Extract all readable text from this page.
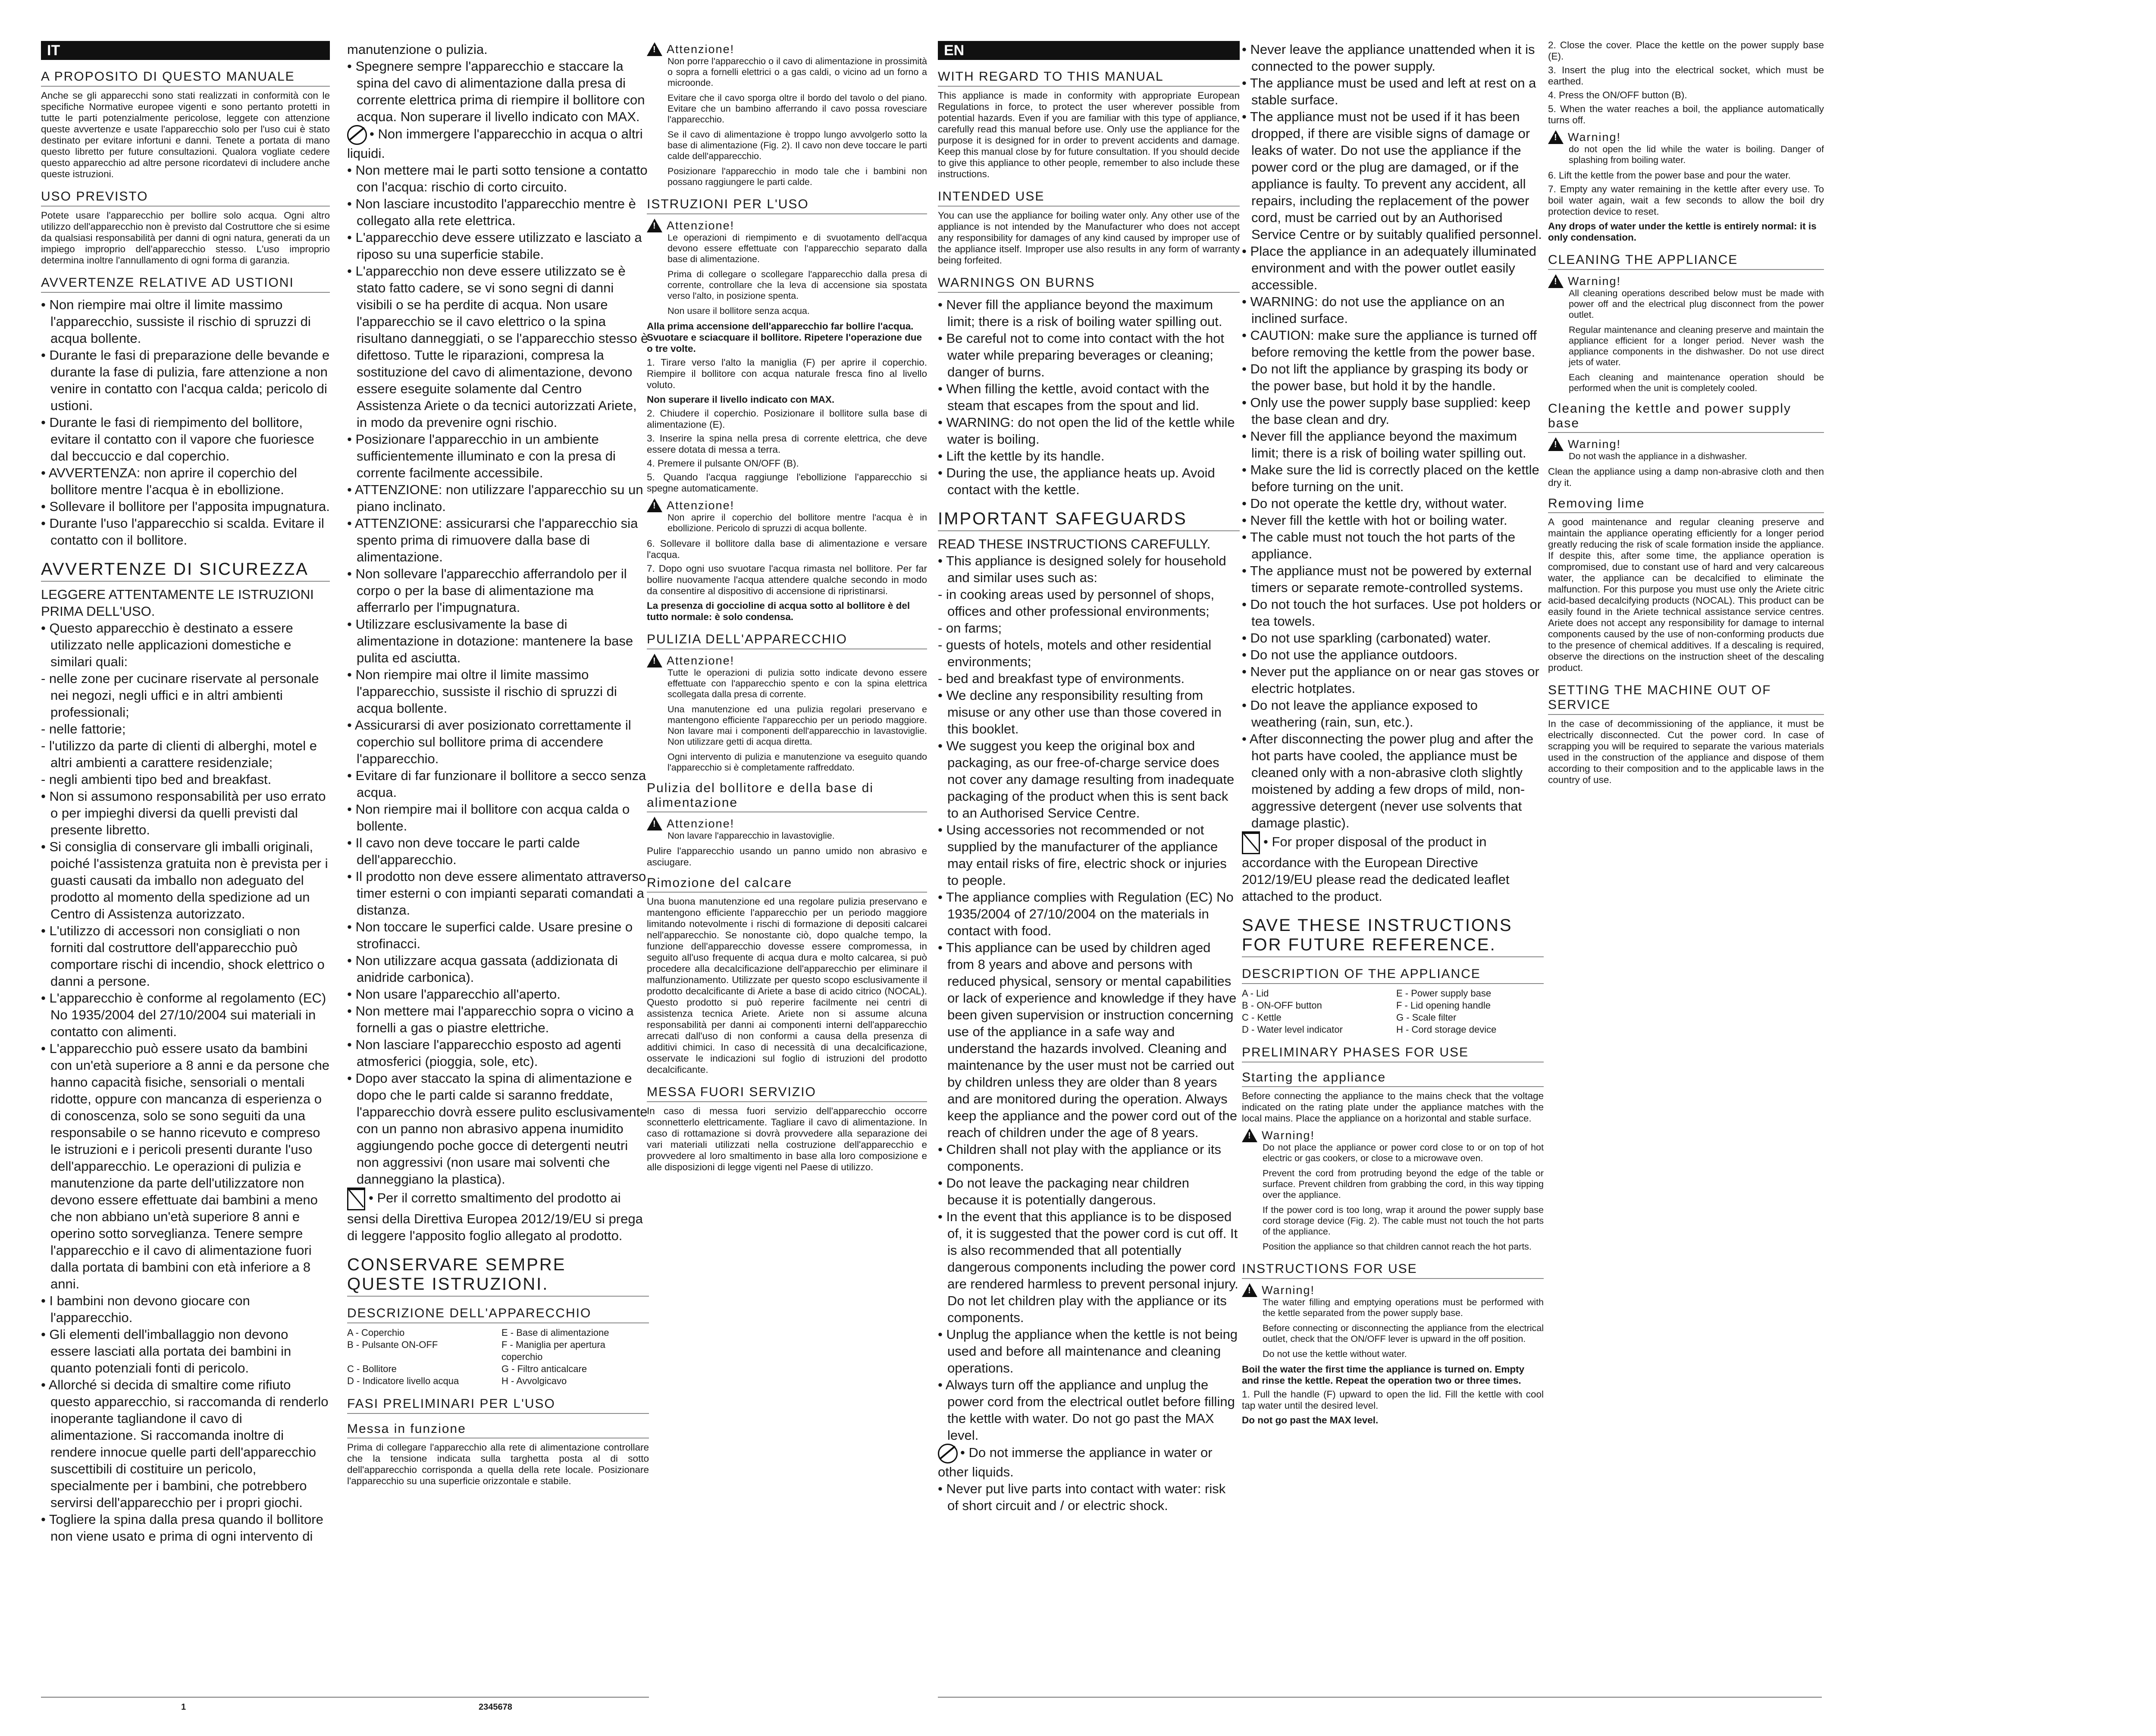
IT
A PROPOSITO DI QUESTO MANUALE
Anche se gli apparecchi sono stati realizzati in conformità con le specifiche Normative europee vigenti e sono pertanto protetti in tutte le parti potenzialmente pericolose, leggete con attenzione queste avvertenze e usate l'apparecchio solo per l'uso cui è stato destinato per evitare infortuni e danni. Tenete a portata di mano questo libretto per future consultazioni. Qualora vogliate cedere questo apparecchio ad altre persone ricordatevi di includere anche queste istruzioni.
USO PREVISTO
Potete usare l'apparecchio per bollire solo acqua. Ogni altro utilizzo dell'apparecchio non è previsto dal Costruttore che si esime da qualsiasi responsabilità per danni di ogni natura, generati da un impiego improprio dell'apparecchio stesso. L'uso improprio determina inoltre l'annullamento di ogni forma di garanzia.
AVVERTENZE RELATIVE AD USTIONI

• Non riempire mai oltre il limite massimo l'apparecchio, sussiste il rischio di spruzzi di acqua bollente.

• Durante le fasi di preparazione delle bevande e durante la fase di pulizia, fare attenzione a non venire in contatto con l'acqua calda; pericolo di ustioni.

• Durante le fasi di riempimento del bollitore, evitare il contatto con il vapore che fuoriesce dal beccuccio e dal coperchio.

• AVVERTENZA: non aprire il coperchio del bollitore mentre l'acqua è in ebollizione.

• Sollevare il bollitore per l'apposita impugnatura.

• Durante l'uso l'apparecchio si scalda. Evitare il contatto con il bollitore.

AVVERTENZE DI SICUREZZA

LEGGERE ATTENTAMENTE LE ISTRUZIONI PRIMA DELL'USO.

• Questo apparecchio è destinato a essere utilizzato nelle applicazioni domestiche e similari quali:

- nelle zone per cucinare riservate al personale nei negozi, negli uffici e in altri ambienti professionali;

- nelle fattorie;

- l'utilizzo da parte di clienti di alberghi, motel e altri ambienti a carattere residenziale;

- negli ambienti tipo bed and breakfast.

• Non si assumono responsabilità per uso errato o per impieghi diversi da quelli previsti dal presente libretto.

• Si consiglia di conservare gli imballi originali, poiché l'assistenza gratuita non è prevista per i guasti causati da imballo non adeguato del prodotto al momento della spedizione ad un Centro di Assistenza autorizzato.

• L'utilizzo di accessori non consigliati o non forniti dal costruttore dell'apparecchio può comportare rischi di incendio, shock elettrico o danni a persone.

• L'apparecchio è conforme al regolamento (EC) No 1935/2004 del 27/10/2004 sui materiali in contatto con alimenti.

• L'apparecchio può essere usato da bambini con un'età superiore a 8 anni e da persone che hanno capacità fisiche, sensoriali o mentali ridotte, oppure con mancanza di esperienza o di conoscenza, solo se sono seguiti da una responsabile o se hanno ricevuto e compreso le istruzioni e i pericoli presenti durante l'uso dell'apparecchio. Le operazioni di pulizia e manutenzione da parte dell'utilizzatore non devono essere effettuate dai bambini a meno che non abbiano un'età superiore 8 anni e operino sotto sorveglianza. Tenere sempre l'apparecchio e il cavo di alimentazione fuori dalla portata di bambini con età inferiore a 8 anni.

• I bambini non devono giocare con l'apparecchio.

• Gli elementi dell'imballaggio non devono essere lasciati alla portata dei bambini in quanto potenziali fonti di pericolo.

• Allorché si decida di smaltire come rifiuto questo apparecchio, si raccomanda di renderlo inoperante tagliandone il cavo di alimentazione. Si raccomanda inoltre di rendere innocue quelle parti dell'apparecchio suscettibili di costituire un pericolo, specialmente per i bambini, che potrebbero servirsi dell'apparecchio per i propri giochi.

• Togliere la spina dalla presa quando il bollitore non viene usato e prima di ogni intervento di

manutenzione o pulizia.

• Spegnere sempre l'apparecchio e staccare la spina del cavo di alimentazione dalla presa di corrente elettrica prima di riempire il bollitore con acqua. Non superare il livello indicato con MAX.

• Non immergere l'apparecchio in acqua o altri liquidi.

• Non mettere mai le parti sotto tensione a contatto con l'acqua: rischio di corto circuito.

• Non lasciare incustodito l'apparecchio mentre è collegato alla rete elettrica.

• L'apparecchio deve essere utilizzato e lasciato a riposo su una superficie stabile.

• L'apparecchio non deve essere utilizzato se è stato fatto cadere, se vi sono segni di danni visibili o se ha perdite di acqua. Non usare l'apparecchio se il cavo elettrico o la spina risultano danneggiati, o se l'apparecchio stesso è difettoso. Tutte le riparazioni, compresa la sostituzione del cavo di alimentazione, devono essere eseguite solamente dal Centro Assistenza Ariete o da tecnici autorizzati Ariete, in modo da prevenire ogni rischio.

• Posizionare l'apparecchio in un ambiente sufficientemente illuminato e con la presa di corrente facilmente accessibile.

• ATTENZIONE: non utilizzare l'apparecchio su un piano inclinato.

• ATTENZIONE: assicurarsi che l'apparecchio sia spento prima di rimuovere dalla base di alimentazione.

• Non sollevare l'apparecchio afferrandolo per il corpo o per la base di alimentazione ma afferrarlo per l'impugnatura.

• Utilizzare esclusivamente la base di alimentazione in dotazione: mantenere la base pulita ed asciutta.

• Non riempire mai oltre il limite massimo l'apparecchio, sussiste il rischio di spruzzi di acqua bollente.

• Assicurarsi di aver posizionato correttamente il coperchio sul bollitore prima di accendere l'apparecchio.

• Evitare di far funzionare il bollitore a secco senza acqua.

• Non riempire mai il bollitore con acqua calda o bollente.

• Il cavo non deve toccare le parti calde dell'apparecchio.

• Il prodotto non deve essere alimentato attraverso timer esterni o con impianti separati comandati a distanza.

• Non toccare le superfici calde. Usare presine o strofinacci.

• Non utilizzare acqua gassata (addizionata di anidride carbonica).

• Non usare l'apparecchio all'aperto.

• Non mettere mai l'apparecchio sopra o vicino a fornelli a gas o piastre elettriche.

• Non lasciare l'apparecchio esposto ad agenti atmosferici (pioggia, sole, etc).

• Dopo aver staccato la spina di alimentazione e dopo che le parti calde si saranno freddate, l'apparecchio dovrà essere pulito esclusivamente con un panno non abrasivo appena inumidito aggiungendo poche gocce di detergenti neutri non aggressivi (non usare mai solventi che danneggiano la plastica).

• Per il corretto smaltimento del prodotto ai sensi della Direttiva Europea 2012/19/EU si prega di leggere l'apposito foglio allegato al prodotto.

CONSERVARE SEMPRE QUESTE ISTRUZIONI.
DESCRIZIONE DELL'APPARECCHIO
A - Coperchio	E - Base di alimentazione
B - Pulsante ON-OFF	F - Maniglia per apertura coperchio
C - Bollitore	G - Filtro anticalcare
D - Indicatore livello acqua	H - Avvolgicavo
FASI PRELIMINARI PER L'USO
Messa in funzione
Prima di collegare l'apparecchio alla rete di alimentazione controllare che la tensione indicata sulla targhetta posta al di sotto dell'apparecchio corrisponda a quella della rete locale. Posizionare l'apparecchio su una superficie orizzontale e stabile.
!
Attenzione!
Non porre l'apparecchio o il cavo di alimentazione in prossimità o sopra a fornelli elettrici o a gas caldi, o vicino ad un forno a microonde.
Evitare che il cavo sporga oltre il bordo del tavolo o del piano. Evitare che un bambino afferrando il cavo possa rovesciare l'apparecchio.
Se il cavo di alimentazione è troppo lungo avvolgerlo sotto la base di alimentazione (Fig. 2). Il cavo non deve toccare le parti calde dell'apparecchio.
Posizionare l'apparecchio in modo tale che i bambini non possano raggiungere le parti calde.
ISTRUZIONI PER L'USO
!
Attenzione!
Le operazioni di riempimento e di svuotamento dell'acqua devono essere effettuate con l'apparecchio separato dalla base di alimentazione.
Prima di collegare o scollegare l'apparecchio dalla presa di corrente, controllare che la leva di accensione sia spostata verso l'alto, in posizione spenta.
Non usare il bollitore senza acqua.
Alla prima accensione dell'apparecchio far bollire l'acqua. Svuotare e sciacquare il bollitore. Ripetere l'operazione due o tre volte.
1. Tirare verso l'alto la maniglia (F) per aprire il coperchio. Riempire il bollitore con acqua naturale fresca fino al livello voluto.
Non superare il livello indicato con MAX.
2. Chiudere il coperchio. Posizionare il bollitore sulla base di alimentazione (E).
3. Inserire la spina nella presa di corrente elettrica, che deve essere dotata di messa a terra.
4. Premere il pulsante ON/OFF (B).
5. Quando l'acqua raggiunge l'ebollizione l'apparecchio si spegne automaticamente.
!
Attenzione!
Non aprire il coperchio del bollitore mentre l'acqua è in ebollizione. Pericolo di spruzzi di acqua bollente.
6. Sollevare il bollitore dalla base di alimentazione e versare l'acqua.
7. Dopo ogni uso svuotare l'acqua rimasta nel bollitore. Per far bollire nuovamente l'acqua attendere qualche secondo in modo da consentire al dispositivo di accensione di ripristinarsi.
La presenza di goccioline di acqua sotto al bollitore è del tutto normale: è solo condensa.
PULIZIA DELL'APPARECCHIO
!
Attenzione!
Tutte le operazioni di pulizia sotto indicate devono essere effettuate con l'apparecchio spento e con la spina elettrica scollegata dalla presa di corrente.
Una manutenzione ed una pulizia regolari preservano e mantengono efficiente l'apparecchio per un periodo maggiore. Non lavare mai i componenti dell'apparecchio in lavastoviglie. Non utilizzare getti di acqua diretta.
Ogni intervento di pulizia e manutenzione va eseguito quando l'apparecchio si è completamente raffreddato.
Pulizia del bollitore e della base di alimentazione
!
Attenzione!
Non lavare l'apparecchio in lavastoviglie.
Pulire l'apparecchio usando un panno umido non abrasivo e asciugare.
Rimozione del calcare
Una buona manutenzione ed una regolare pulizia preservano e mantengono efficiente l'apparecchio per un periodo maggiore limitando notevolmente i rischi di formazione di depositi calcarei nell'apparecchio. Se nonostante ciò, dopo qualche tempo, la funzione dell'apparecchio dovesse essere compromessa, in seguito all'uso frequente di acqua dura e molto calcarea, si può procedere alla decalcificazione dell'apparecchio per eliminare il malfunzionamento. Utilizzate per questo scopo esclusivamente il prodotto decalcificante di Ariete a base di acido citrico (NOCAL). Questo prodotto si può reperire facilmente nei centri di assistenza tecnica Ariete. Ariete non si assume alcuna responsabilità per danni ai componenti interni dell'apparecchio arrecati dall'uso di non conformi a causa della presenza di additivi chimici. In caso di necessità di una decalcificazione, osservate le indicazioni sul foglio di istruzioni del prodotto decalcificante.
MESSA FUORI SERVIZIO
In caso di messa fuori servizio dell'apparecchio occorre sconnetterlo elettricamente. Tagliare il cavo di alimentazione. In caso di rottamazione si dovrà provvedere alla separazione dei vari materiali utilizzati nella costruzione dell'apparecchio e provvedere al loro smaltimento in base alla loro composizione e alle disposizioni di legge vigenti nel Paese di utilizzo.
EN
WITH REGARD TO THIS MANUAL
This appliance is made in conformity with appropriate European Regulations in force, to protect the user wherever possible from potential hazards. Even if you are familiar with this type of appliance, carefully read this manual before use. Only use the appliance for the purpose it is designed for in order to prevent accidents and damage. Keep this manual close by for future consultation. If you should decide to give this appliance to other people, remember to also include these instructions.
INTENDED USE
You can use the appliance for boiling water only. Any other use of the appliance is not intended by the Manufacturer who does not accept any responsibility for damages of any kind caused by improper use of the appliance itself. Improper use also results in any form of warranty being forfeited.
WARNINGS ON BURNS

• Never fill the appliance beyond the maximum limit; there is a risk of boiling water spilling out.

• Be careful not to come into contact with the hot water while preparing beverages or cleaning; danger of burns.

• When filling the kettle, avoid contact with the steam that escapes from the spout and lid.

• WARNING: do not open the lid of the kettle while water is boiling.

• Lift the kettle by its handle.

• During the use, the appliance heats up. Avoid contact with the kettle.

IMPORTANT SAFEGUARDS

READ THESE INSTRUCTIONS CAREFULLY.

• This appliance is designed solely for household and similar uses such as:

- in cooking areas used by personnel of shops, offices and other professional environments;

- on farms;

- guests of hotels, motels and other residential environments;

- bed and breakfast type of environments.

• We decline any responsibility resulting from misuse or any other use than those covered in this booklet.

• We suggest you keep the original box and packaging, as our free-of-charge service does not cover any damage resulting from inadequate packaging of the product when this is sent back to an Authorised Service Centre.

• Using accessories not recommended or not supplied by the manufacturer of the appliance may entail risks of fire, electric shock or injuries to people.

• The appliance complies with Regulation (EC) No 1935/2004 of 27/10/2004 on the materials in contact with food.

• This appliance can be used by children aged from 8 years and above and persons with reduced physical, sensory or mental capabilities or lack of experience and knowledge if they have been given supervision or instruction concerning use of the appliance in a safe way and understand the hazards involved. Cleaning and maintenance by the user must not be carried out by children unless they are older than 8 years and are monitored during the operation. Always keep the appliance and the power cord out of the reach of children under the age of 8 years.

• Children shall not play with the appliance or its components.

• Do not leave the packaging near children because it is potentially dangerous.

• In the event that this appliance is to be disposed of, it is suggested that the power cord is cut off. It is also recommended that all potentially dangerous components including the power cord are rendered harmless to prevent personal injury. Do not let children play with the appliance or its components.

• Unplug the appliance when the kettle is not being used and before all maintenance and cleaning operations.

• Always turn off the appliance and unplug the power cord from the electrical outlet before filling the kettle with water. Do not go past the MAX level.

• Do not immerse the appliance in water or other liquids.

• Never put live parts into contact with water: risk of short circuit and / or electric shock.

• Never leave the appliance unattended when it is connected to the power supply.

• The appliance must be used and left at rest on a stable surface.

• The appliance must not be used if it has been dropped, if there are visible signs of damage or leaks of water. Do not use the appliance if the power cord or the plug are damaged, or if the appliance is faulty. To prevent any accident, all repairs, including the replacement of the power cord, must be carried out by an Authorised Service Centre or by suitably qualified personnel.

• Place the appliance in an adequately illuminated environment and with the power outlet easily accessible.

• WARNING: do not use the appliance on an inclined surface.

• CAUTION: make sure the appliance is turned off before removing the kettle from the power base.

• Do not lift the appliance by grasping its body or the power base, but hold it by the handle.

• Only use the power supply base supplied: keep the base clean and dry.

• Never fill the appliance beyond the maximum limit; there is a risk of boiling water spilling out.

• Make sure the lid is correctly placed on the kettle before turning on the unit.

• Do not operate the kettle dry, without water.

• Never fill the kettle with hot or boiling water.

• The cable must not touch the hot parts of the appliance.

• The appliance must not be powered by external timers or separate remote-controlled systems.

• Do not touch the hot surfaces. Use pot holders or tea towels.

• Do not use sparkling (carbonated) water.

• Do not use the appliance outdoors.

• Never put the appliance on or near gas stoves or electric hotplates.

• Do not leave the appliance exposed to weathering (rain, sun, etc.).

• After disconnecting the power plug and after the hot parts have cooled, the appliance must be cleaned only with a non-abrasive cloth slightly moistened by adding a few drops of mild, non-aggressive detergent (never use solvents that damage plastic).

• For proper disposal of the product in accordance with the European Directive 2012/19/EU please read the dedicated leaflet attached to the product.

SAVE THESE INSTRUCTIONS FOR FUTURE REFERENCE.
DESCRIPTION OF THE APPLIANCE
A - Lid	E - Power supply base
B - ON-OFF button	F - Lid opening handle
C - Kettle	G - Scale filter
D - Water level indicator	H - Cord storage device
PRELIMINARY PHASES FOR USE
Starting the appliance
Before connecting the appliance to the mains check that the voltage indicated on the rating plate under the appliance matches with the local mains. Place the appliance on a horizontal and stable surface.
!
Warning!
Do not place the appliance or power cord close to or on top of hot electric or gas cookers, or close to a microwave oven.
Prevent the cord from protruding beyond the edge of the table or surface. Prevent children from grabbing the cord, in this way tipping over the appliance.
If the power cord is too long, wrap it around the power supply base cord storage device (Fig. 2). The cable must not touch the hot parts of the appliance.
Position the appliance so that children cannot reach the hot parts.
INSTRUCTIONS FOR USE
!
Warning!
The water filling and emptying operations must be performed with the kettle separated from the power supply base.
Before connecting or disconnecting the appliance from the electrical outlet, check that the ON/OFF lever is upward in the off position.
Do not use the kettle without water.
Boil the water the first time the appliance is turned on. Empty and rinse the kettle. Repeat the operation two or three times.
1. Pull the handle (F) upward to open the lid. Fill the kettle with cool tap water until the desired level.
Do not go past the MAX level.
2. Close the cover. Place the kettle on the power supply base (E).
3. Insert the plug into the electrical socket, which must be earthed.
4. Press the ON/OFF button (B).
5. When the water reaches a boil, the appliance automatically turns off.
!
Warning!
do not open the lid while the water is boiling. Danger of splashing from boiling water.
6. Lift the kettle from the power base and pour the water.
7. Empty any water remaining in the kettle after every use. To boil water again, wait a few seconds to allow the boil dry protection device to reset.
Any drops of water under the kettle is entirely normal: it is only condensation.
CLEANING THE APPLIANCE
!
Warning!
All cleaning operations described below must be made with power off and the electrical plug disconnect from the power outlet.
Regular maintenance and cleaning preserve and maintain the appliance efficient for a longer period. Never wash the appliance components in the dishwasher. Do not use direct jets of water.
Each cleaning and maintenance operation should be performed when the unit is completely cooled.
Cleaning the kettle and power supply base
!
Warning!
Do not wash the appliance in a dishwasher.
Clean the appliance using a damp non-abrasive cloth and then dry it.
Removing lime
A good maintenance and regular cleaning preserve and maintain the appliance operating efficiently for a longer period greatly reducing the risk of scale formation inside the appliance. If despite this, after some time, the appliance operation is compromised, due to constant use of hard and very calcareous water, the appliance can be decalcified to eliminate the malfunction. For this purpose you must use only the Ariete citric acid-based decalcifying products (NOCAL). This product can be easily found in the Ariete technical assistance service centres. Ariete does not accept any responsibility for damage to internal components caused by the use of non-conforming products due to the presence of chemical additives. If a descaling is required, observe the directions on the instruction sheet of the descaling product.
SETTING THE MACHINE OUT OF SERVICE
In the case of decommissioning of the appliance, it must be electrically disconnected. Cut the power cord. In case of scrapping you will be required to separate the various materials used in the construction of the appliance and dispose of them according to their composition and to the applicable laws in the country of use.
1	2345678
